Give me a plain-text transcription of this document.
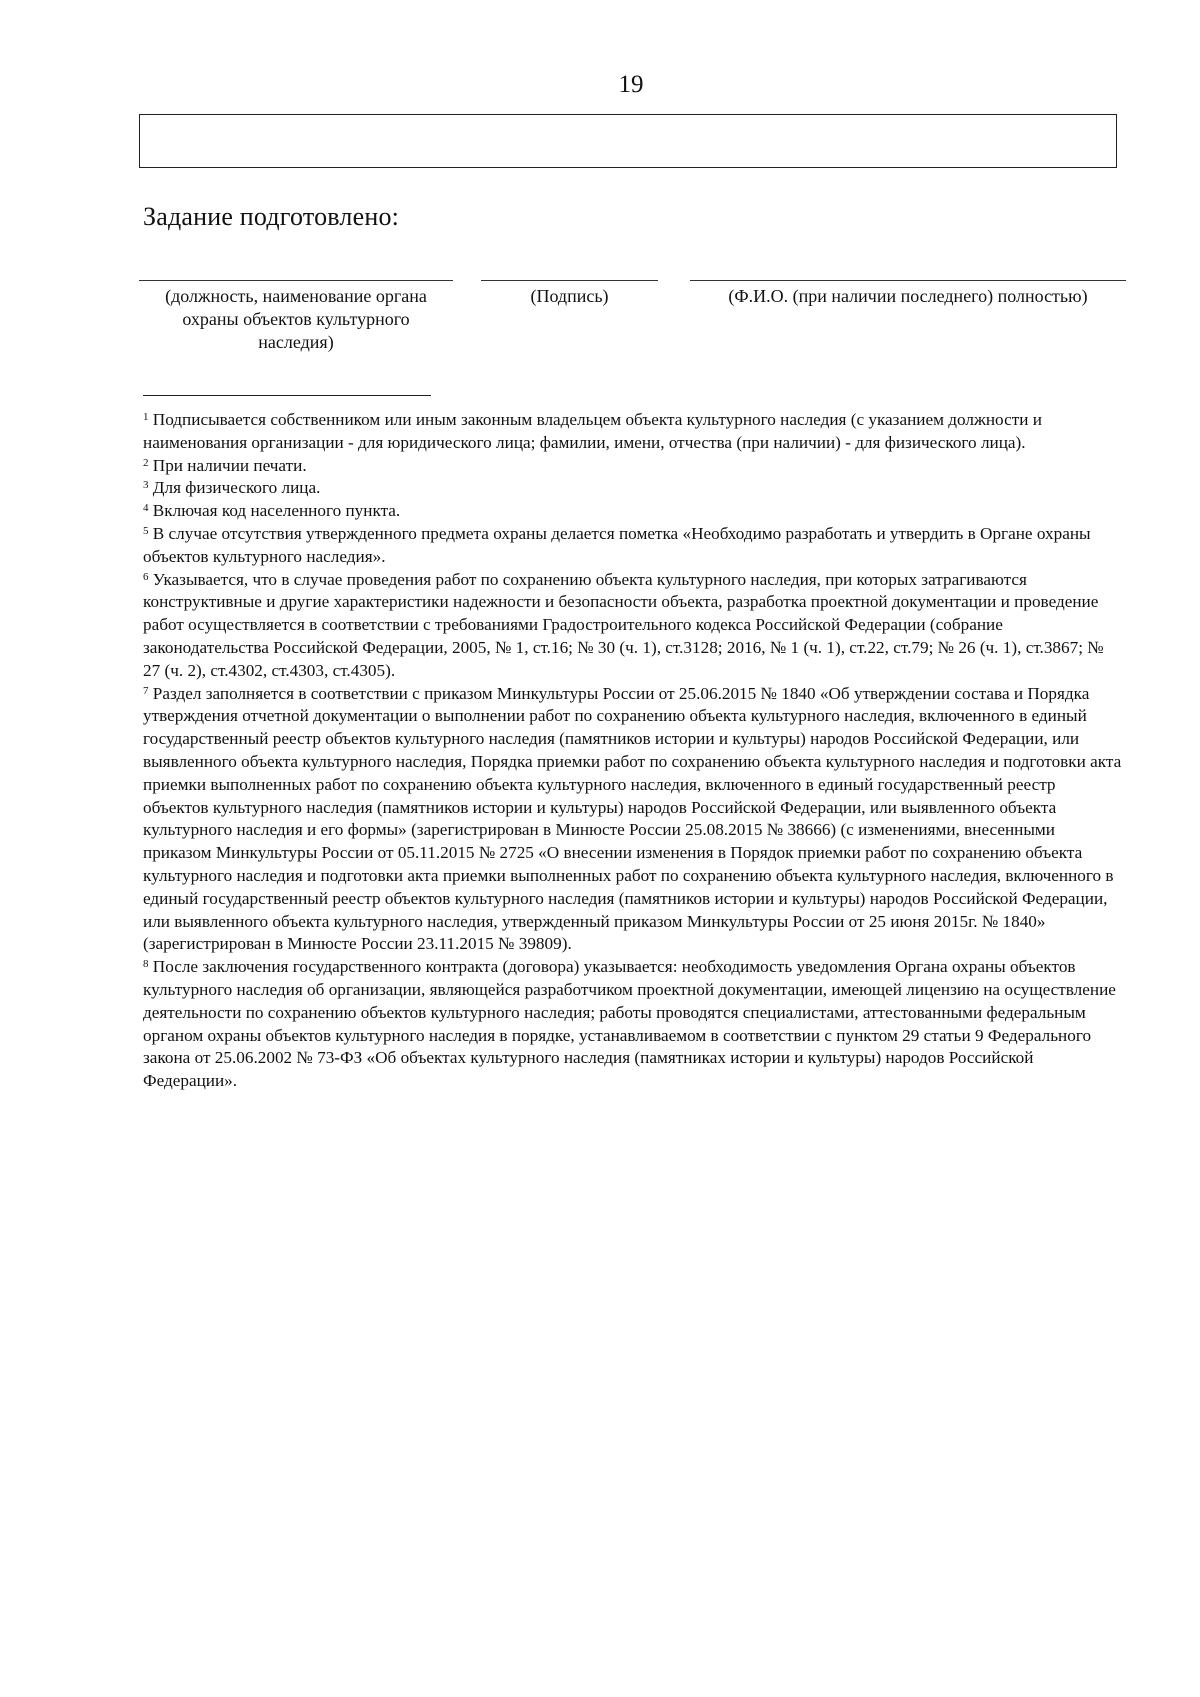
19
Задание подготовлено:
(должность, наименование органа охраны объектов культурного наследия)
(Подпись)	(Ф.И.О. (при наличии последнего) полностью)

$^1$ Подписывается собственником или иным законным владельцем объекта культурного наследия (с указанием должности и наименования организации - для юридического лица; фамилии, имени, отчества (при наличии) - для физического лица).

$^2$ При наличии печати.

$^3$ Для физического лица.

$^4$ Включая код населенного пункта.

$^5$ В случае отсутствия утвержденного предмета охраны делается пометка «Необходимо разработать и утвердить в Органе охраны объектов культурного наследия».

$^6$ Указывается, что в случае проведения работ по сохранению объекта культурного наследия, при которых затрагиваются конструктивные и другие характеристики надежности и безопасности объекта, разработка проектной документации и проведение работ осуществляется в соответствии с требованиями Градостроительного кодекса Российской Федерации (собрание законодательства Российской Федерации, 2005, № 1, ст.16; № 30 (ч. 1), ст.3128; 2016, № 1 (ч. 1), ст.22, ст.79; № 26 (ч. 1), ст.3867; № 27 (ч. 2), ст.4302, ст.4303, ст.4305).

$^7$ Раздел заполняется в соответствии с приказом Минкультуры России от 25.06.2015 № 1840 «Об утверждении состава и Порядка утверждения отчетной документации о выполнении работ по сохранению объекта культурного наследия, включенного в единый государственный реестр объектов культурного наследия (памятников истории и культуры) народов Российской Федерации, или выявленного объекта культурного наследия, Порядка приемки работ по сохранению объекта культурного наследия и подготовки акта приемки выполненных работ по сохранению объекта культурного наследия, включенного в единый государственный реестр объектов культурного наследия (памятников истории и культуры) народов Российской Федерации, или выявленного объекта культурного наследия и его формы» (зарегистрирован в Минюсте России 25.08.2015 № 38666) (с изменениями, внесенными приказом Минкультуры России от 05.11.2015 № 2725 «О внесении изменения в Порядок приемки работ по сохранению объекта культурного наследия и подготовки акта приемки выполненных работ по сохранению объекта культурного наследия, включенного в единый государственный реестр объектов культурного наследия (памятников истории и культуры) народов Российской Федерации, или выявленного объекта культурного наследия, утвержденный приказом Минкультуры России от 25 июня 2015г. № 1840» (зарегистрирован в Минюсте России 23.11.2015 № 39809).

$^8$ После заключения государственного контракта (договора) указывается: необходимость уведомления Органа охраны объектов культурного наследия об организации, являющейся разработчиком проектной документации, имеющей лицензию на осуществление деятельности по сохранению объектов культурного наследия; работы проводятся специалистами, аттестованными федеральным органом охраны объектов культурного наследия в порядке, устанавливаемом в соответствии с пунктом 29 статьи 9 Федерального закона от 25.06.2002 № 73-ФЗ «Об объектах культурного наследия (памятниках истории и культуры) народов Российской Федерации».
